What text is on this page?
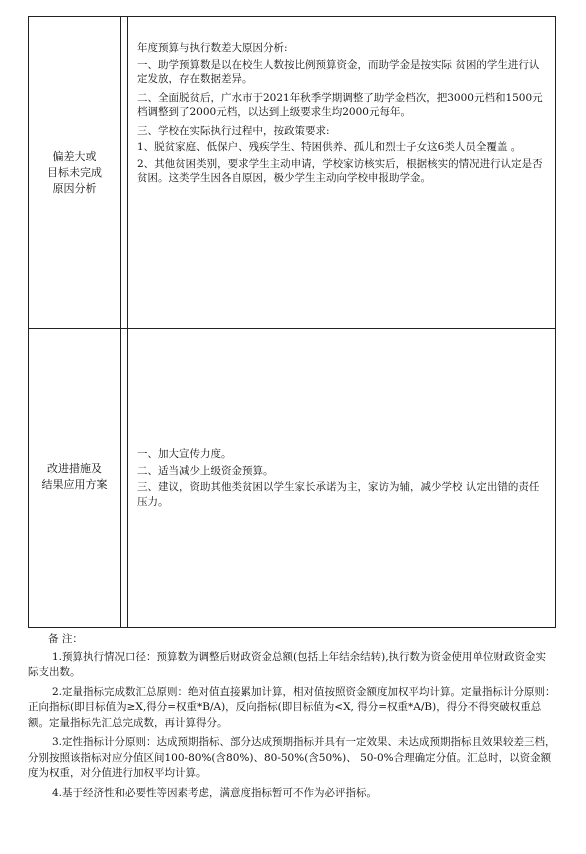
偏差大或
目标未完成
原因分析

年度预算与执行数差大原因分析:

一、助学预算数是以在校生人数按比例预算资金，而助学金是按实际 贫困的学生进行认定发放，存在数据差异。

二、全面脱贫后，广水市于2021年秋季学期调整了助学金档次，把3000元档和1500元档调整到了2000元档，以达到上级要求生均2000元每年。

三、学校在实际执行过程中，按政策要求:

1、脱贫家庭、低保户、残疾学生、特困供养、孤儿和烈士子女这6类人员全覆盖 。

2、其他贫困类别，要求学生主动申请，学校家访核实后，根据核实的情况进行认定是否贫困。这类学生因各自原因，极少学生主动向学校申报助学金。

改进措施及
结果应用方案

一、加大宣传力度。

二、适当减少上级资金预算。

三、建议，资助其他类贫困以学生家长承诺为主，家访为辅，减少学校 认定出错的责任压力。

备 注：

1.预算执行情况口径：预算数为调整后财政资金总额(包括上年结余结转),执行数为资金使用单位财政资金实际支出数。

2.定量指标完成数汇总原则：绝对值直接累加计算，相对值按照资金额度加权平均计算。定量指标计分原则：正向指标(即目标值为≥X,得分=权重*B/A)，反向指标(即目标值为<X, 得分=权重*A/B)，得分不得突破权重总额。定量指标先汇总完成数，再计算得分。

3.定性指标计分原则：达成预期指标、部分达成预期指标并具有一定效果、未达成预期指标且效果较差三档，分别按照该指标对应分值区间100-80%(含80%)、80-50%(含50%)、 50-0%合理确定分值。汇总时，以资金额度为权重，对分值进行加权平均计算。

4.基于经济性和必要性等因素考虑，满意度指标暂可不作为必评指标。
